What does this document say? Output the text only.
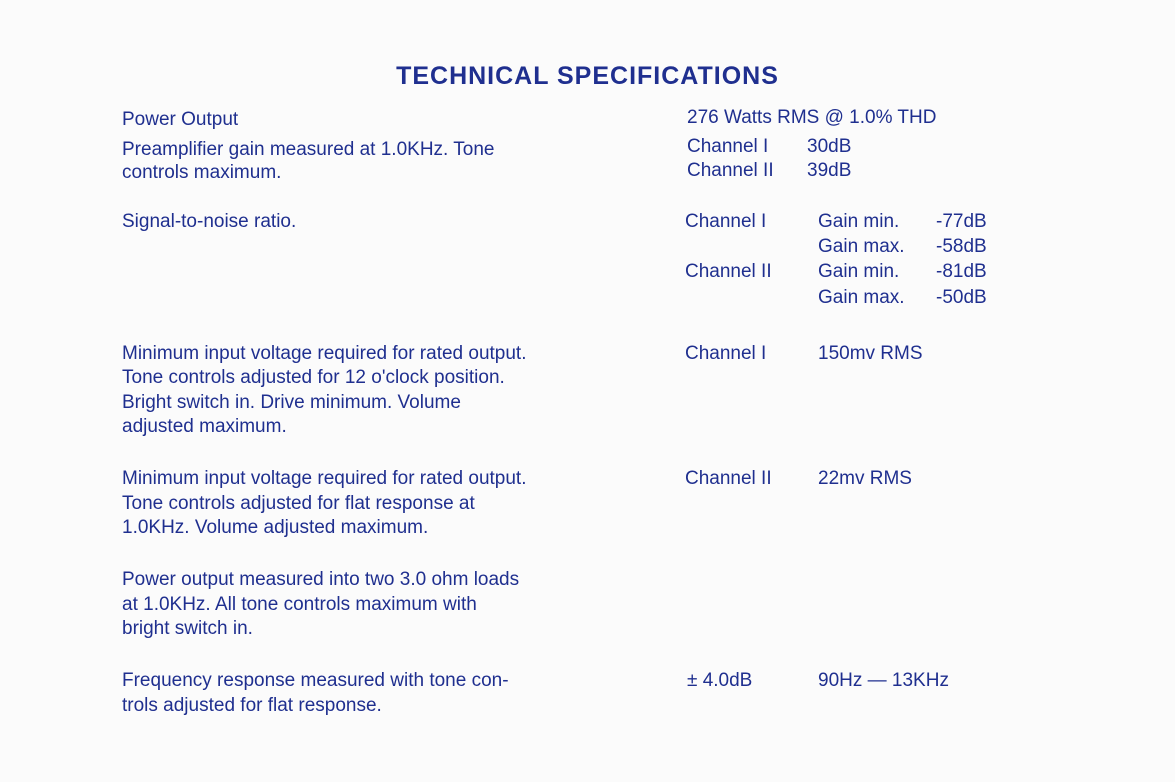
TECHNICAL SPECIFICATIONS
Power Output	276 Watts RMS @ 1.0% THD
Preamplifier gain measured at 1.0KHz. Tone
controls maximum.
Channel I 30dB
Channel II 39dB
Signal-to-noise ratio.	Channel I	Gain min. -77dB
Gain max. -58dB
Channel II Gain min. -81dB
Gain max. -50dB
Minimum input voltage required for rated output.
Tone controls adjusted for 12 o'clock position.
Bright switch in. Drive minimum. Volume
adjusted maximum.
Channel I	150mv RMS
Minimum input voltage required for rated output.
Tone controls adjusted for flat response at
1.0KHz. Volume adjusted maximum.
Channel II 22mv RMS
Power output measured into two 3.0 ohm loads
at 1.0KHz. All tone controls maximum with
bright switch in.
Frequency response measured with tone con-
trols adjusted for flat response.
± 4.0dB	90Hz — 13KHz
